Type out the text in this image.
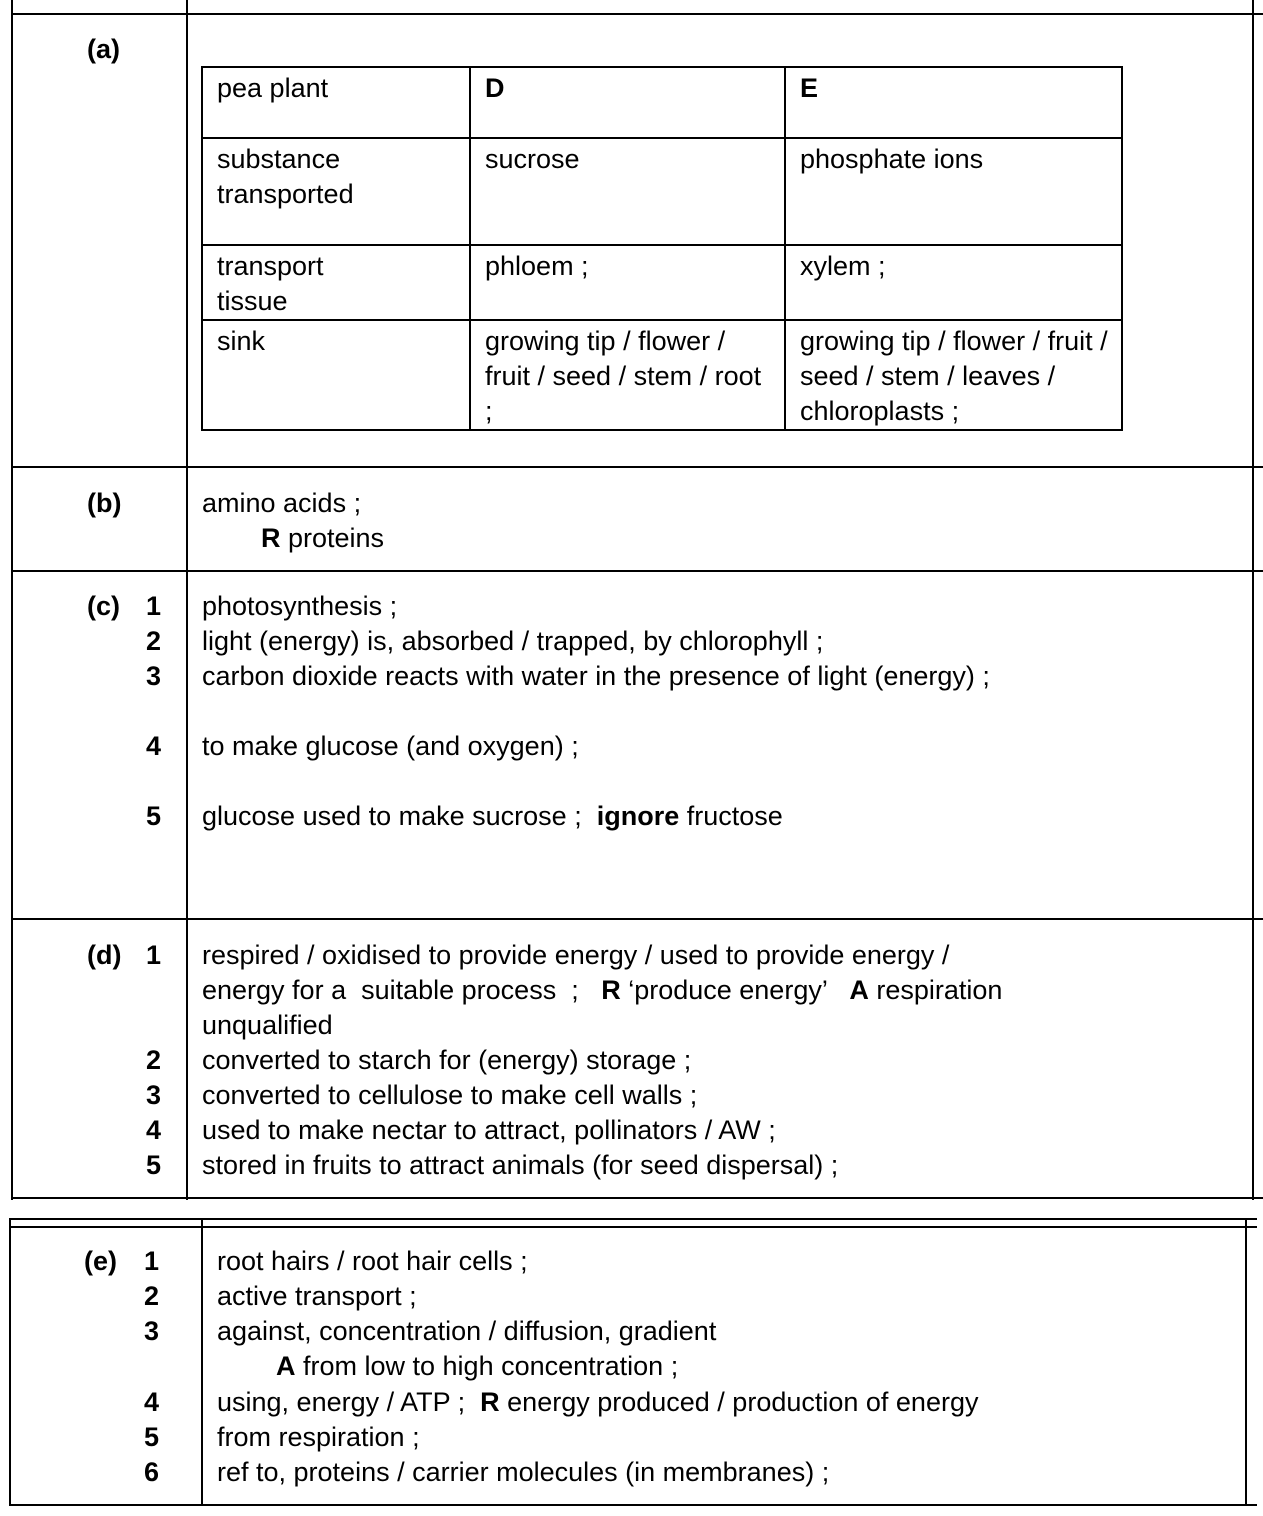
(a)
pea plant	D	E
substance transported	sucrose	phosphate ions
transport tissue	phloem ;	xylem ;
sink	growing tip / flower / fruit / seed / stem / root ;	growing tip / flower / fruit / seed / stem / leaves / chloroplasts ;
(b)	amino acids ;
R proteins
(c) 1 photosynthesis ;
2 light (energy) is, absorbed / trapped, by chlorophyll ;
3 carbon dioxide reacts with water in the presence of light (energy) ;
4 to make glucose (and oxygen) ;
5 glucose used to make sucrose ;  ignore fructose
(d) 1 respired / oxidised to provide energy / used to provide energy /
energy for a  suitable process  ;   R ‘produce energy’   A respiration
unqualified
2 converted to starch for (energy) storage ;
3 converted to cellulose to make cell walls ;
4 used to make nectar to attract, pollinators / AW ;
5 stored in fruits to attract animals (for seed dispersal) ;
(e) 1 root hairs / root hair cells ;
2 active transport ;
3 against, concentration / diffusion, gradient
A from low to high concentration ;
4 using, energy / ATP ;  R energy produced / production of energy
5 from respiration ;
6 ref to, proteins / carrier molecules (in membranes) ;
